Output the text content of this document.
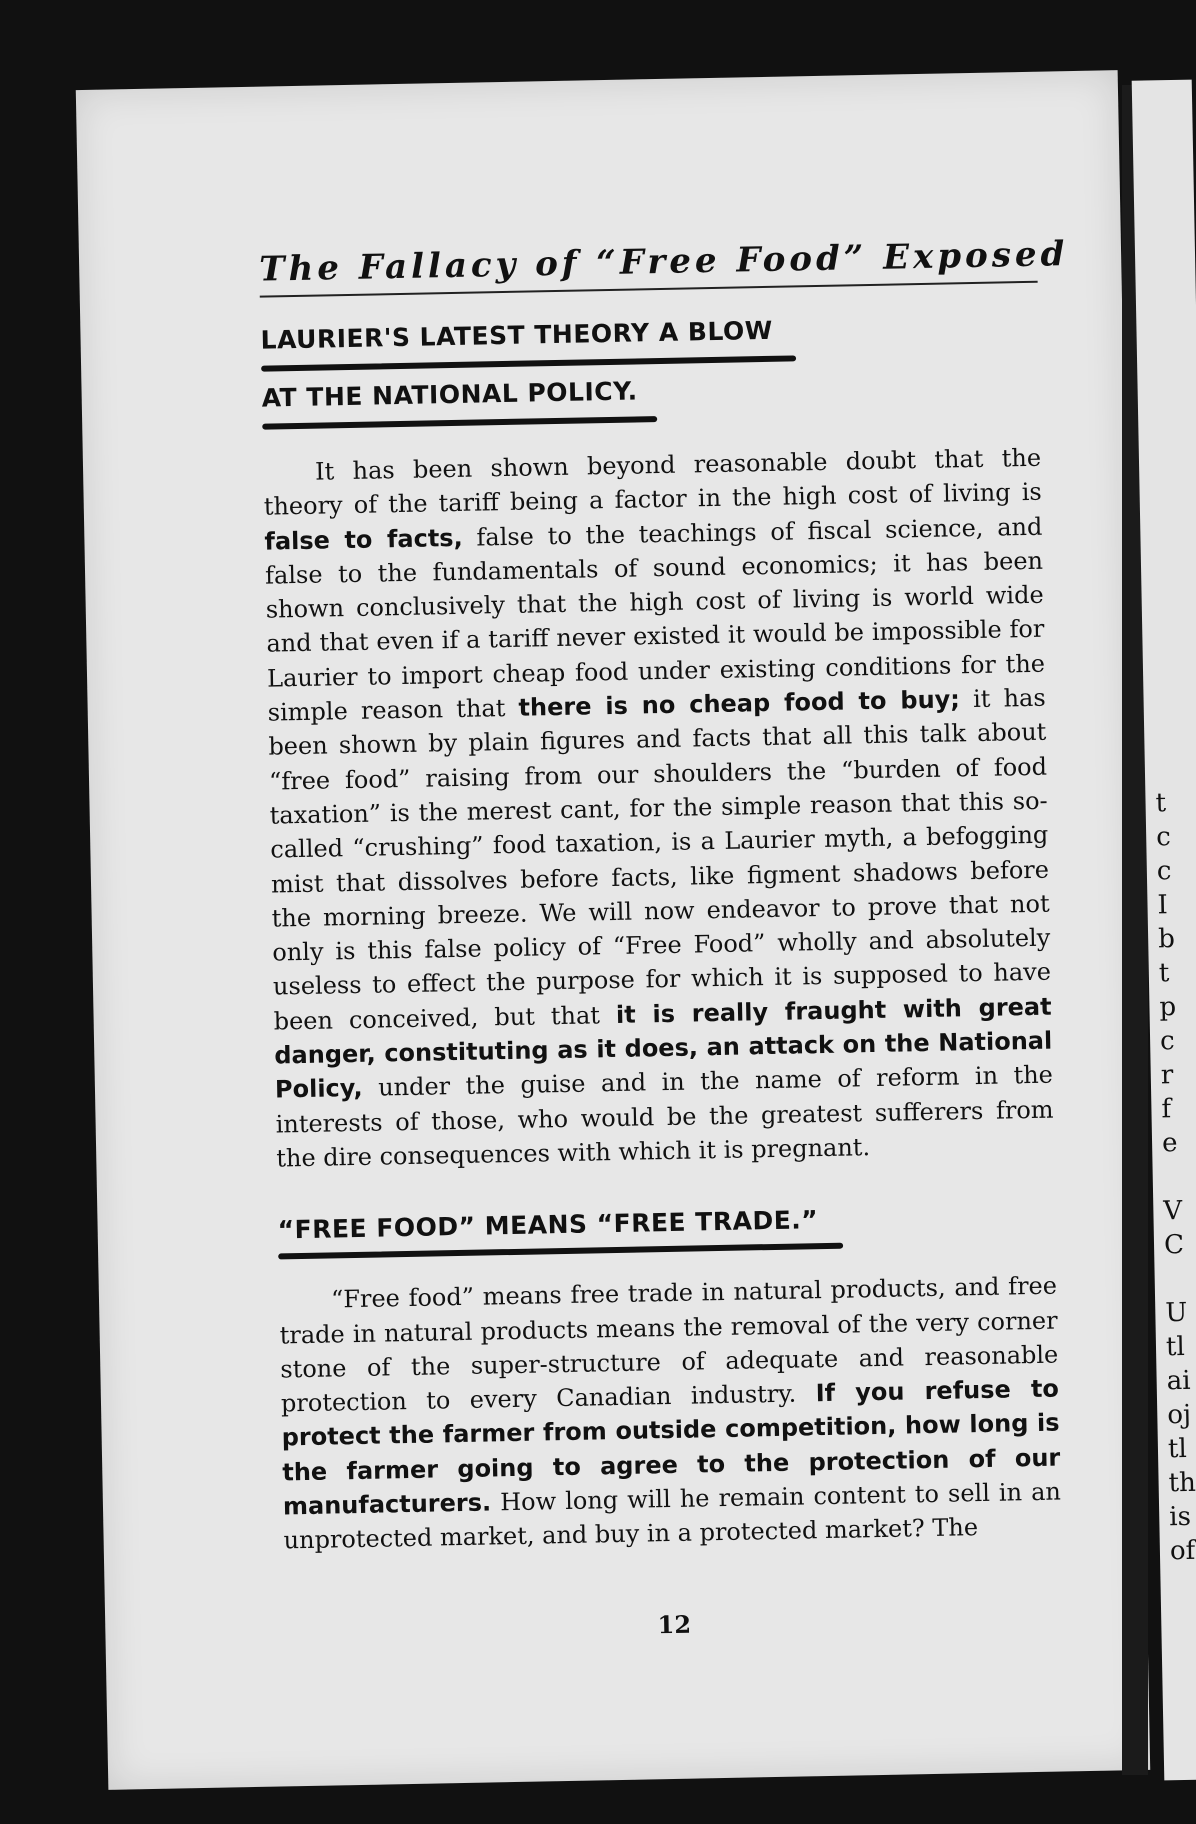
The Fallacy of “Free Food” Exposed

LAURIER'S LATEST THEORY A BLOW

AT THE NATIONAL POLICY.

It has been shown beyond reasonable doubt that the theory of the tariff being a factor in the high cost of living is false to facts, false to the teachings of fiscal science, and false to the fundamentals of sound economics; it has been shown conclusively that the high cost of living is world wide and that even if a tariff never existed it would be impossible for Laurier to import cheap food under existing conditions for the simple reason that there is no cheap food to buy; it has been shown by plain figures and facts that all this talk about “free food” raising from our shoulders the “burden of food taxation” is the merest cant, for the simple reason that this so-called “crushing” food taxation, is a Laurier myth, a befogging mist that dissolves before facts, like figment shadows before the morning breeze. We will now endeavor to prove that not only is this false policy of “Free Food” wholly and absolutely useless to effect the purpose for which it is supposed to have been conceived, but that it is really fraught with great danger, constituting as it does, an attack on the National Policy, under the guise and in the name of reform in the interests of those, who would be the greatest sufferers from the dire consequences with which it is pregnant.

“FREE FOOD” MEANS “FREE TRADE.”

“Free food” means free trade in natural products, and free trade in natural products means the removal of the very corner stone of the super-structure of adequate and reasonable protection to every Canadian industry. If you refuse to protect the farmer from outside competition, how long is the farmer going to agree to the protection of our manufacturers. How long will he remain content to sell in an unprotected market, and buy in a protected market? The

12
t
c
c
I
b
t
p
c
r
f
e
V
C
U
tl
ai
oj
tl
th
is
of
